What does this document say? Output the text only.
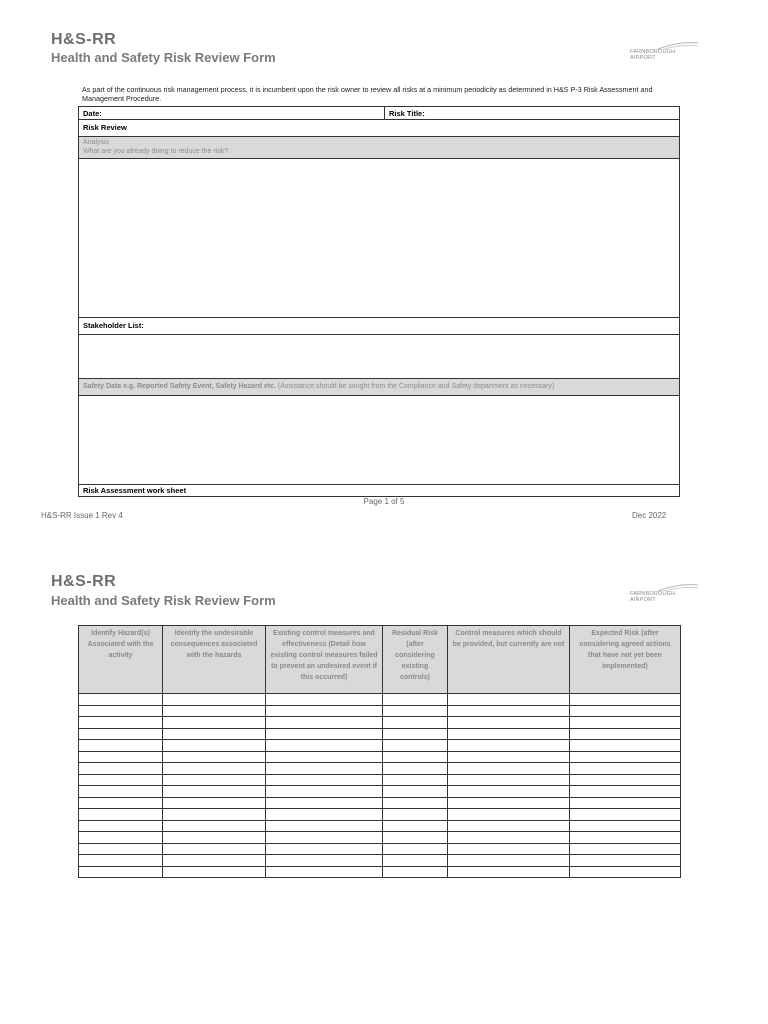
H&S-RR
Health and Safety Risk Review Form	FARNBOROUGH
AIRPORT
As part of the continuous risk management process, it is incumbent upon the risk owner to review all risks at a minimum periodicity as determined in H&S P-3 Risk Assessment and Management Procedure.
Date:	Risk Title:
Risk Review
Analysis
What are you already doing to reduce the risk?
Stakeholder List:
Safety Data e.g. Reported Safety Event, Safety Hazard etc. (Assistance should be sought from the Compliance and Safety department as necessary)
Risk Assessment work sheet
Page 1 of 5
H&S-RR Issue 1 Rev 4	Dec 2022
H&S-RR
Health and Safety Risk Review Form	FARNBOROUGH
AIRPORT
Identify Hazard(s) Associated with the activity	Identify the undesirable consequences associated with the hazards	Existing control measures and effectiveness (Detail how existing control measures failed to prevent an undesired event if this occurred)	Residual Risk (after considering existing controls)	Control measures which should be provided, but currently are not	Expected Risk (after considering agreed actions that have not yet been implemented)
